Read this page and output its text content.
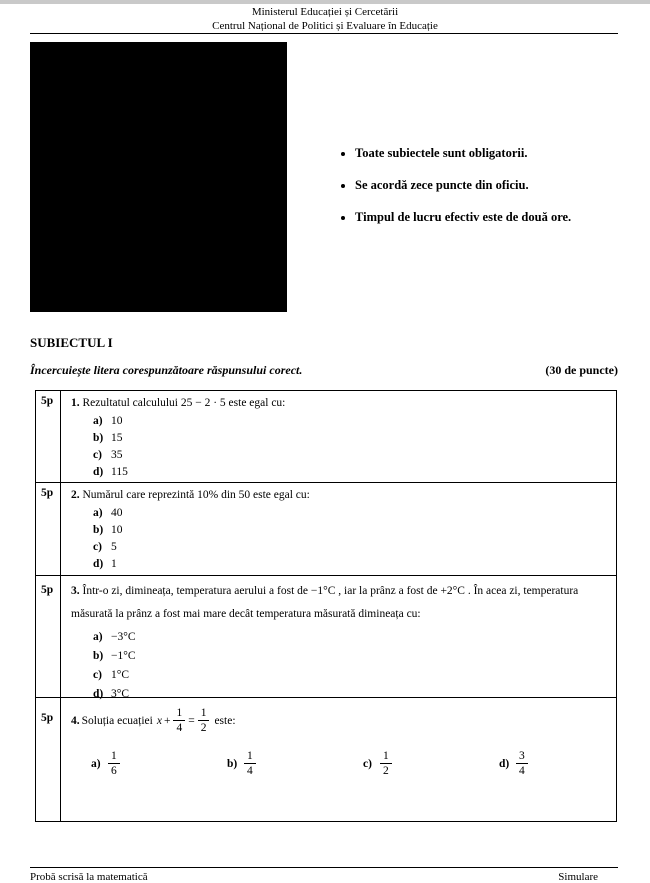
Ministerul Educației și Cercetării
Centrul Național de Politici și Evaluare în Educație
• Toate subiectele sunt obligatorii.
• Se acordă zece puncte din oficiu.
• Timpul de lucru efectiv este de două ore.
SUBIECTUL I
Încercuiește litera corespunzătoare răspunsului corect.	(30 de puncte)
5p	1. Rezultatul calculului 25 − 2 · 5 este egal cu:
a) 10
b) 15
c) 35
d) 115
5p	2. Numărul care reprezintă 10% din 50 este egal cu:
a) 40
b) 10
c) 5
d) 1
5p	3. Într-o zi, dimineața, temperatura aerului a fost de −1°C , iar la prânz a fost de +2°C . În acea zi, temperatura măsurată la prânz a fost mai mare decât temperatura măsurată dimineața cu:
a) −3°C
b) −1°C
c) 1°C
d) 3°C
5p	4. Soluția ecuației $x + \frac{1}{4} = \frac{1}{2}$ este:
$a) \frac{1}{6}$	$b) \frac{1}{4}$	$c) \frac{1}{2}$	$d) \frac{3}{4}$
Probă scrisă la matematică	Simulare
